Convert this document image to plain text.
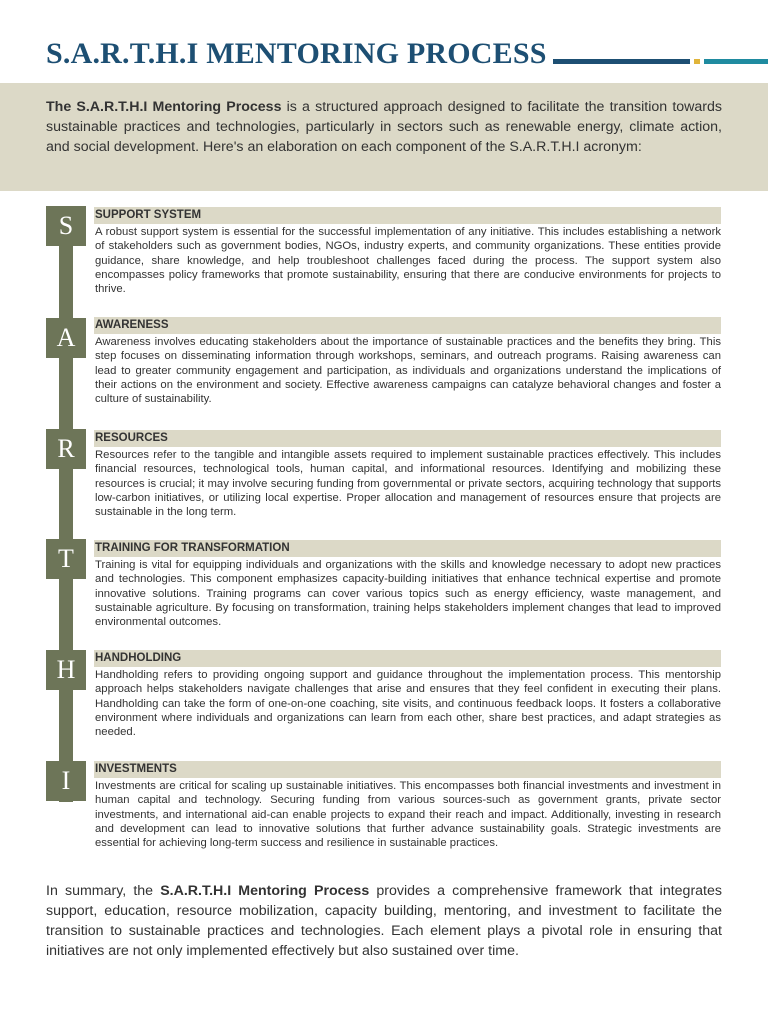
S.A.R.T.H.I MENTORING PROCESS
The S.A.R.T.H.I Mentoring Process is a structured approach designed to facilitate the transition towards sustainable practices and technologies, particularly in sectors such as renewable energy, climate action, and social development. Here's an elaboration on each component of the S.A.R.T.H.I acronym:
S	SUPPORT SYSTEM
A robust support system is essential for the successful implementation of any initiative. This includes establishing a network of stakeholders such as government bodies, NGOs, industry experts, and community organizations. These entities provide guidance, share knowledge, and help troubleshoot challenges faced during the process. The support system also encompasses policy frameworks that promote sustainability, ensuring that there are conducive environments for projects to thrive.
A	AWARENESS
Awareness involves educating stakeholders about the importance of sustainable practices and the benefits they bring. This step focuses on disseminating information through workshops, seminars, and outreach programs. Raising awareness can lead to greater community engagement and participation, as individuals and organizations understand the implications of their actions on the environment and society. Effective awareness campaigns can catalyze behavioral changes and foster a culture of sustainability.
R	RESOURCES
Resources refer to the tangible and intangible assets required to implement sustainable practices effectively. This includes financial resources, technological tools, human capital, and informational resources. Identifying and mobilizing these resources is crucial; it may involve securing funding from governmental or private sectors, acquiring technology that supports low-carbon initiatives, or utilizing local expertise. Proper allocation and management of resources ensure that projects are sustainable in the long term.
T	TRAINING FOR TRANSFORMATION
Training is vital for equipping individuals and organizations with the skills and knowledge necessary to adopt new practices and technologies. This component emphasizes capacity-building initiatives that enhance technical expertise and promote innovative solutions. Training programs can cover various topics such as energy efficiency, waste management, and sustainable agriculture. By focusing on transformation, training helps stakeholders implement changes that lead to improved environmental outcomes.
H	HANDHOLDING
Handholding refers to providing ongoing support and guidance throughout the implementation process. This mentorship approach helps stakeholders navigate challenges that arise and ensures that they feel confident in executing their plans. Handholding can take the form of one-on-one coaching, site visits, and continuous feedback loops. It fosters a collaborative environment where individuals and organizations can learn from each other, share best practices, and adapt strategies as needed.
I	INVESTMENTS
Investments are critical for scaling up sustainable initiatives. This encompasses both financial investments and investment in human capital and technology. Securing funding from various sources-such as government grants, private sector investments, and international aid-can enable projects to expand their reach and impact. Additionally, investing in research and development can lead to innovative solutions that further advance sustainability goals. Strategic investments are essential for achieving long-term success and resilience in sustainable practices.
In summary, the S.A.R.T.H.I Mentoring Process provides a comprehensive framework that integrates support, education, resource mobilization, capacity building, mentoring, and investment to facilitate the transition to sustainable practices and technologies. Each element plays a pivotal role in ensuring that initiatives are not only implemented effectively but also sustained over time.
